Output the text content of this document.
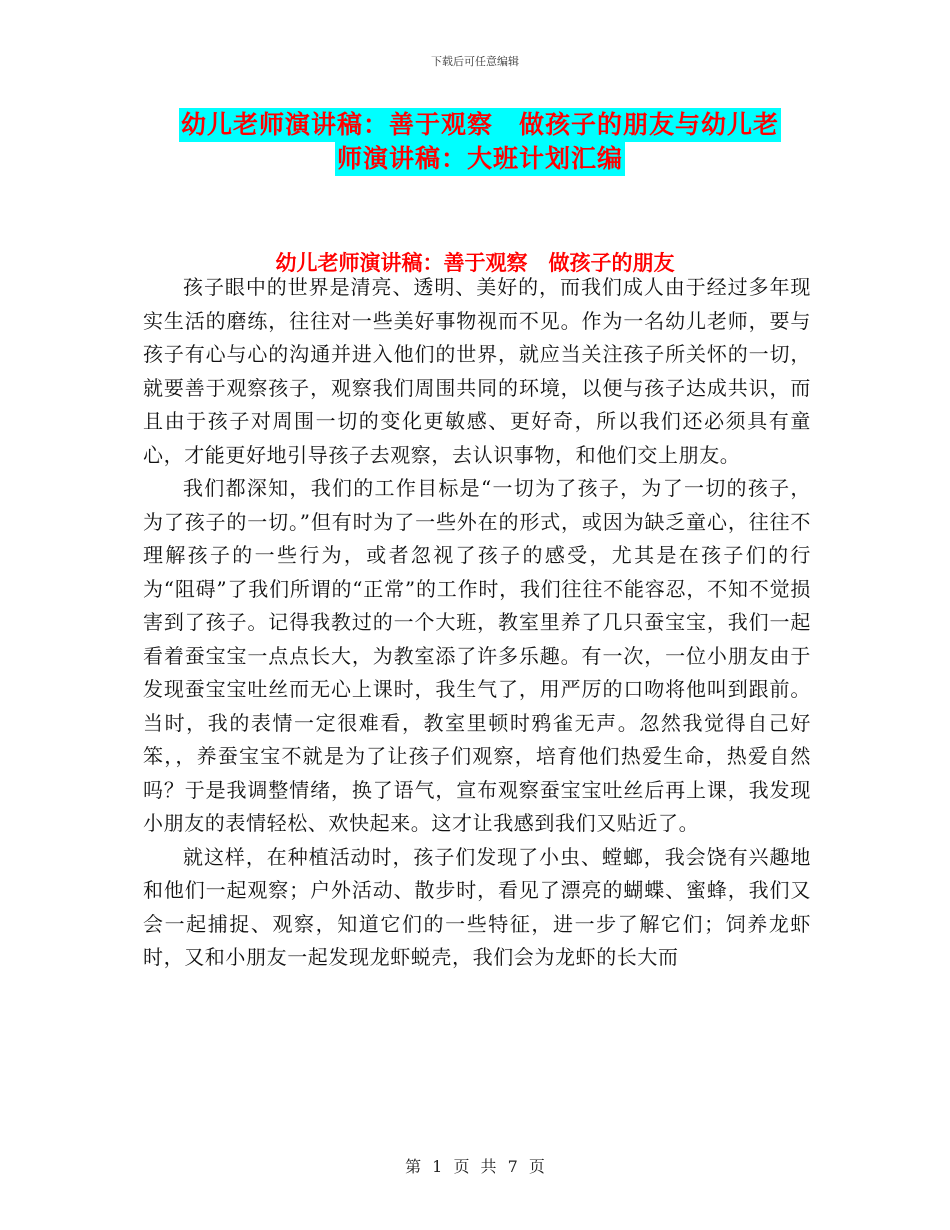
下载后可任意编辑
幼儿老师演讲稿：善于观察　做孩子的朋友与幼儿老
师演讲稿：大班计划汇编
幼儿老师演讲稿：善于观察　做孩子的朋友

孩子眼中的世界是清亮、透明、美好的，而我们成人由于经过多年现实生活的磨练，往往对一些美好事物视而不见。作为一名幼儿老师，要与孩子有心与心的沟通并进入他们的世界，就应当关注孩子所关怀的一切，就要善于观察孩子，观察我们周围共同的环境，以便与孩子达成共识，而且由于孩子对周围一切的变化更敏感、更好奇，所以我们还必须具有童心，才能更好地引导孩子去观察，去认识事物，和他们交上朋友。

我们都深知，我们的工作目标是“一切为了孩子，为了一切的孩子，为了孩子的一切。”但有时为了一些外在的形式，或因为缺乏童心，往往不理解孩子的一些行为，或者忽视了孩子的感受，尤其是在孩子们的行为“阻碍”了我们所谓的“正常”的工作时，我们往往不能容忍，不知不觉损害到了孩子。记得我教过的一个大班，教室里养了几只蚕宝宝，我们一起看着蚕宝宝一点点长大，为教室添了许多乐趣。有一次，一位小朋友由于发现蚕宝宝吐丝而无心上课时，我生气了，用严厉的口吻将他叫到跟前。当时，我的表情一定很难看，教室里顿时鸦雀无声。忽然我觉得自己好笨，，养蚕宝宝不就是为了让孩子们观察，培育他们热爱生命，热爱自然吗？于是我调整情绪，换了语气，宣布观察蚕宝宝吐丝后再上课，我发现小朋友的表情轻松、欢快起来。这才让我感到我们又贴近了。

就这样，在种植活动时，孩子们发现了小虫、螳螂，我会饶有兴趣地和他们一起观察；户外活动、散步时，看见了漂亮的蝴蝶、蜜蜂，我们又会一起捕捉、观察，知道它们的一些特征，进一步了解它们；饲养龙虾时，又和小朋友一起发现龙虾蜕壳，我们会为龙虾的长大而

第 1 页 共 7 页
